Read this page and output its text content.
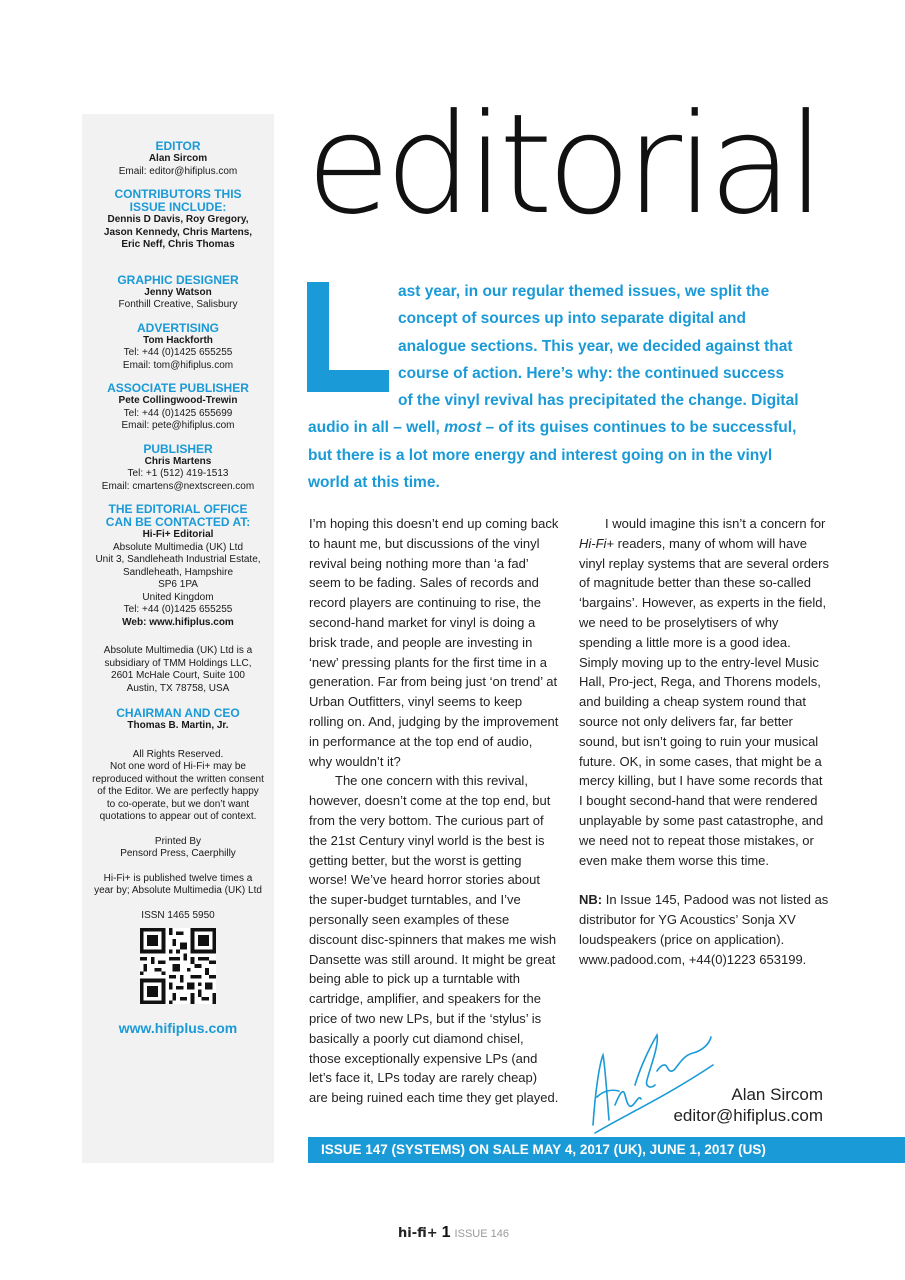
EDITOR
Alan Sircom
Email: editor@hifiplus.com
CONTRIBUTORS THIS
ISSUE INCLUDE:
Dennis D Davis, Roy Gregory,
Jason Kennedy, Chris Martens,
Eric Neff, Chris Thomas
GRAPHIC DESIGNER
Jenny Watson
Fonthill Creative, Salisbury
ADVERTISING
Tom Hackforth
Tel: +44 (0)1425 655255
Email: tom@hifiplus.com
ASSOCIATE PUBLISHER
Pete Collingwood-Trewin
Tel: +44 (0)1425 655699
Email: pete@hifiplus.com
PUBLISHER
Chris Martens
Tel: +1 (512) 419-1513
Email: cmartens@nextscreen.com
THE EDITORIAL OFFICE
CAN BE CONTACTED AT:
Hi-Fi+ Editorial
Absolute Multimedia (UK) Ltd
Unit 3, Sandleheath Industrial Estate,
Sandleheath, Hampshire
SP6 1PA
United Kingdom
Tel: +44 (0)1425 655255
Web: www.hifiplus.com
Absolute Multimedia (UK) Ltd is a
subsidiary of TMM Holdings LLC,
2601 McHale Court, Suite 100
Austin, TX 78758, USA
CHAIRMAN AND CEO
Thomas B. Martin, Jr.
All Rights Reserved.
Not one word of Hi-Fi+ may be
reproduced without the written consent
of the Editor. We are perfectly happy
to co-operate, but we don’t want
quotations to appear out of context.
Printed By
Pensord Press, Caerphilly
Hi-Fi+ is published twelve times a
year by; Absolute Multimedia (UK) Ltd
ISSN 1465 5950
www.hifiplus.com
editorial
L
ast year, in our regular themed issues, we split the
concept of sources up into separate digital and
analogue sections. This year, we decided against that
course of action. Here’s why: the continued success
of the vinyl revival has precipitated the change. Digital
audio in all – well, most – of its guises continues to be successful,
but there is a lot more energy and interest going on in the vinyl
world at this time.

I’m hoping this doesn’t end up coming back to haunt me, but discussions of the vinyl revival being nothing more than ‘a fad’ seem to be fading. Sales of records and record players are continuing to rise, the second-hand market for vinyl is doing a brisk trade, and people are investing in ‘new’ pressing plants for the first time in a generation. Far from being just ‘on trend’ at Urban Outfitters, vinyl seems to keep rolling on. And, judging by the improvement in performance at the top end of audio, why wouldn’t it?

The one concern with this revival, however, doesn’t come at the top end, but from the very bottom. The curious part of the 21st Century vinyl world is the best is getting better, but the worst is getting worse! We’ve heard horror stories about the super-budget turntables, and I’ve personally seen examples of these discount disc-spinners that makes me wish Dansette was still around. It might be great being able to pick up a turntable with cartridge, amplifier, and speakers for the price of two new LPs, but if the ‘stylus’ is basically a poorly cut diamond chisel, those exceptionally expensive LPs (and let’s face it, LPs today are rarely cheap) are being ruined each time they get played.

I would imagine this isn’t a concern for Hi-Fi+ readers, many of whom will have vinyl replay systems that are several orders of magnitude better than these so-called ‘bargains’. However, as experts in the field, we need to be proselytisers of why spending a little more is a good idea. Simply moving up to the entry-level Music Hall, Pro-ject, Rega, and Thorens models, and building a cheap system round that source not only delivers far, far better sound, but isn’t going to ruin your musical future. OK, in some cases, that might be a mercy killing, but I have some records that I bought second-hand that were rendered unplayable by some past catastrophe, and we need not to repeat those mistakes, or even make them worse this time.

NB: In Issue 145, Padood was not listed as distributor for YG Acoustics’ Sonja XV loudspeakers (price on application). www.padood.com, +44(0)1223 653199.

Alan Sircom
editor@hifiplus.com
ISSUE 147 (SYSTEMS) ON SALE MAY 4, 2017 (UK), JUNE 1, 2017 (US)
hi-fi+ 1 ISSUE 146
